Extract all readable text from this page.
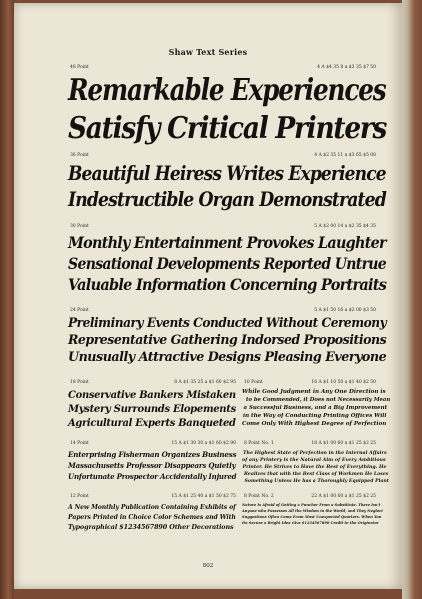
Shaw Text Series
48 Point	4 A $4 35 8 a $3 35 $7 50
Remarkable Experiences
Satisfy Critical Printers
36 Point	4 A $2 35 11 a $3 65 $5 00
Beautiful Heiress Writes Experience
Indestructible Organ Demonstrated
30 Point	5 A $2 00 14 a $2 35 $4 35
Monthly Entertainment Provokes Laughter
Sensational Developments Reported Untrue
Valuable Information Concerning Portraits
24 Point	5 A $1 50 16 a $2 00 $3 50
Preliminary Events Conducted Without Ceremony
Representative Gathering Indorsed Propositions
Unusually Attractive Designs Pleasing Everyone
18 Point	8 A $1 35 25 a $1 60 $2 95
Conservative Bankers Mistaken
Mystery Surrounds Elopements
Agricultural Experts Banqueted
10 Point	16 A $1 10 50 a $1 40 $2 50
While Good Judgment in Any One Direction is
to be Commended, it Does not Necessarily Mean
a Successful Business, and a Big Improvement
in the Way of Conducting Printing Offices Will
Come Only With Highest Degree of Perfection
14 Point	15 A $1 30 30 a $1 60 $2 90
Enterprising Fisherman Organizes Business
Massachusetts Professor Disappears Quietly
Unfortunate Prospector Accidentally Injured
8 Point No. 1	18 A $1 00 60 a $1 25 $2 25
The Highest State of Perfection in the Internal Affairs
of any Printery is the Natural Aim of Every Ambitious
Printer. He Strives to Have the Best of Everything. He
Realizes that with the Best Class of Workmen He Loses
Something Unless He has a Thoroughly Equipped Plant
12 Point	15 A $1 25 40 a $1 50 $2 75
A New Monthly Publication Containing Exhibits of
Papers Printed in Choice Color Schemes and With
Typographical $1234567890 Other Decorations
8 Point No. 2	22 A $1 00 60 a $1 25 $2 25
Nature Is Afraid of Getting a Puncher From a Substitute. There Isn't
Anyone who Possesses All the Wisdom in the World, and They Neglect
Suggestions Often Come From Most Unexpected Quarters. When You
Do Secure a Bright Idea Give $1234567890 Credit to the Originator
802
